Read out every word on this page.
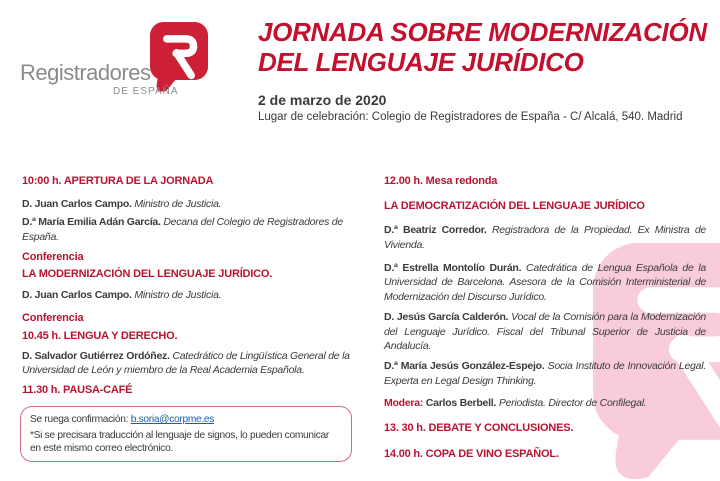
Registradores
DE ESPAÑA
JORNADA SOBRE MODERNIZACIÓN
DEL LENGUAJE JURÍDICO
2 de marzo de 2020
Lugar de celebración: Colegio de Registradores de España - C/ Alcalá, 540. Madrid
10:00 h. APERTURA DE LA JORNADA

D. Juan Carlos Campo. Ministro de Justicia.

D.ª María Emilia Adán García. Decana del Colegio de Registradores de España.

Conferencia
LA MODERNIZACIÓN DEL LENGUAJE JURÍDICO.

D. Juan Carlos Campo. Ministro de Justicia.

Conferencia
10.45 h. LENGUA Y DERECHO.

D. Salvador Gutiérrez Ordóñez. Catedrático de Lingüística General de la Universidad de León y miembro de la Real Academia Española.

11.30 h. PAUSA-CAFÉ

Se ruega confirmación: b.soria@corpme.es

*Si se precisara traducción al lenguaje de signos, lo pueden comunicar en este mismo correo electrónico.

12.00 h. Mesa redonda
LA DEMOCRATIZACIÓN DEL LENGUAJE JURÍDICO

D.ª Beatriz Corredor. Registradora de la Propiedad. Ex Ministra de Vivienda.

D.ª Estrella Montolío Durán. Catedrática de Lengua Española de la Universidad de Barcelona. Asesora de la Comisión Interministerial de Modernización del Discurso Jurídico.

D. Jesús García Calderón. Vocal de la Comisión para la Modernización del Lenguaje Jurídico. Fiscal del Tribunal Superior de Justicia de Andalucía.

D.ª María Jesús González-Espejo. Socia Instituto de Innovación Legal. Experta en Legal Design Thinking.

Modera: Carlos Berbell. Periodista. Director de Confilegal.

13. 30 h. DEBATE Y CONCLUSIONES.
14.00 h. COPA DE VINO ESPAÑOL.
